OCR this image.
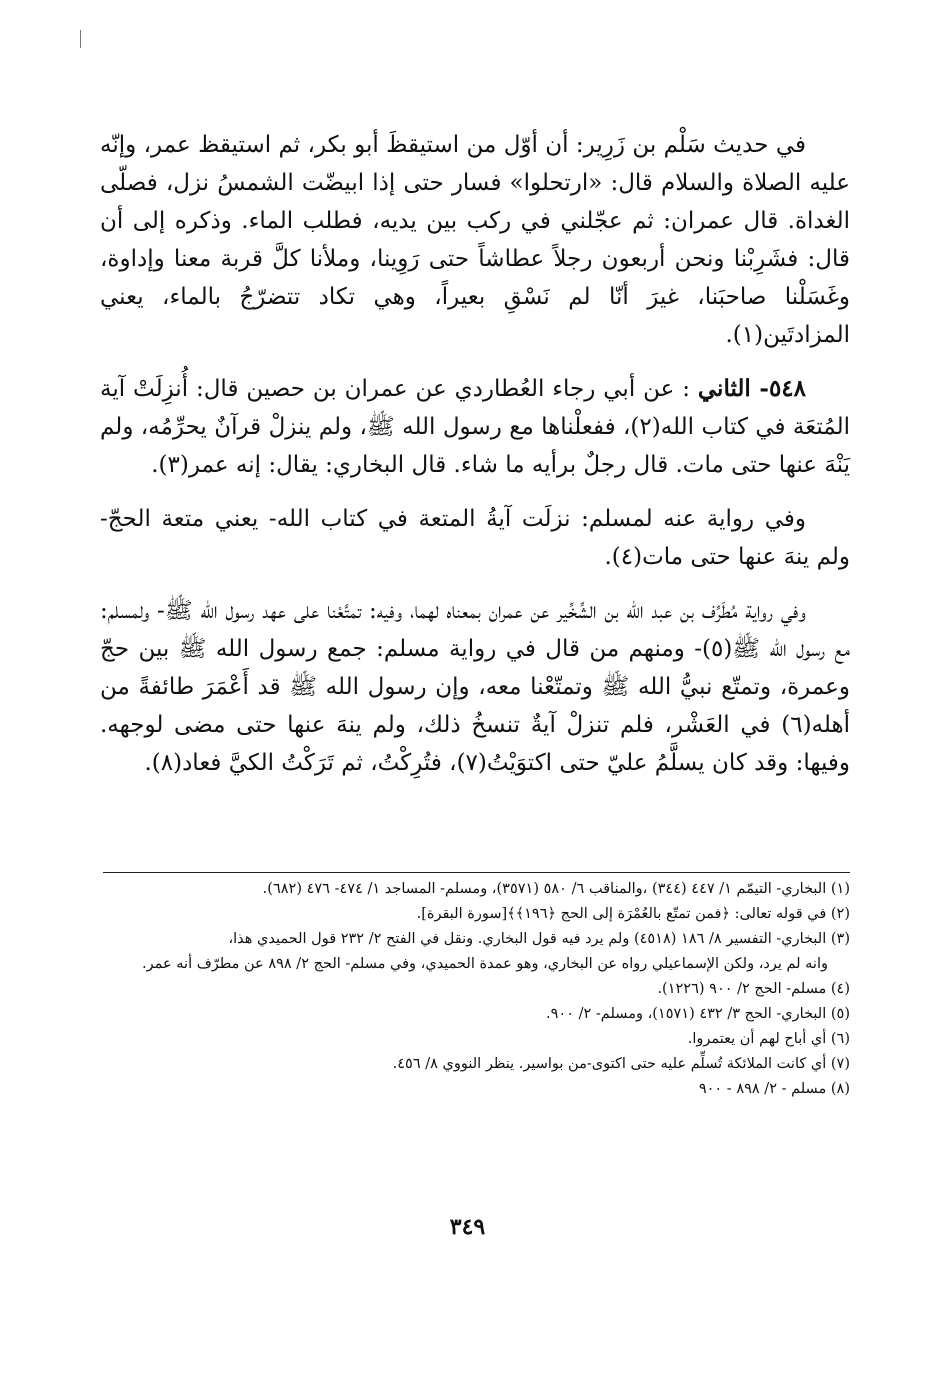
في حديث سَلْم بن زَرِير: أن أوّل من استيقظَ أبو بكر، ثم استيقظ عمر، وإنّه عليه الصلاة والسلام قال: «ارتحلوا» فسار حتى إذا ابيضّت الشمسُ نزل، فصلّى الغداة. قال عمران: ثم عجّلني في ركب بين يديه، فطلب الماء. وذكره إلى أن قال: فشَرِبْنا ونحن أربعون رجلاً عطاشاً حتى رَوِينا، وملأنا كلَّ قربة معنا وإداوة، وغَسَلْنا صاحبَنا، غيرَ أنّا لم نَسْقِ بعيراً، وهي تكاد تتضرّجُ بالماء، يعني المزادتَين(١).

٥٤٨- الثاني : عن أبي رجاء العُطاردي عن عمران بن حصين قال: أُنزِلَتْ آية المُتعَة في كتاب الله(٢)، ففعلْناها مع رسول الله ﷺ، ولم ينزلْ قرآنٌ يحرِّمُه، ولم يَنْهَ عنها حتى مات. قال رجلٌ برأيه ما شاء. قال البخاري: يقال: إنه عمر(٣).

وفي رواية عنه لمسلم: نزلَت آيةُ المتعة في كتاب الله- يعني متعة الحجّ- ولم ينهَ عنها حتى مات(٤).

وفي رواية مُطَرِّف بن عبد الله بن الشِّخِّير عن عمران بمعناه لهما، وفيه: تمتَّعْنا على عهد رسول الله ﷺ- ولمسلم: مع رسول الله ﷺ(٥)- ومنهم من قال في رواية مسلم: جمع رسول الله ﷺ بين حجّ وعمرة، وتمتّع نبيُّ الله ﷺ وتمتّعْنا معه، وإن رسول الله ﷺ قد أَعْمَرَ طائفةً من أهله(٦) في العَشْر، فلم تنزلْ آيةٌ تنسخُ ذلك، ولم ينهَ عنها حتى مضى لوجهه. وفيها: وقد كان يسلَّمُ عليّ حتى اكتوَيْتُ(٧)، فتُرِكْتُ، ثم تَرَكْتُ الكيَّ فعاد(٨).

(١) البخاري- التيمّم ١/ ٤٤٧ (٣٤٤) ،والمناقب ٦/ ٥٨٠ (٣٥٧١)، ومسلم- المساجد ١/ ٤٧٤- ٤٧٦ (٦٨٢).

(٢) في قوله تعالى: ﴿فمن تمتّع بالعُمْرَة إلى الحج ﴿١٩٦﴾﴾[سورة البقرة].

(٣) البخاري- التفسير ٨/ ١٨٦ (٤٥١٨) ولم يرد فيه قول البخاري. ونقل في الفتح ٢/ ٢٣٢ قول الحميدي هذا،

وانه لم يرد، ولكن الإسماعيلي رواه عن البخاري، وهو عمدة الحميدي، وفي مسلم- الحج ٢/ ٨٩٨ عن مطرّف أنه عمر.

(٤) مسلم- الحج ٢/ ٩٠٠ (١٢٢٦).

(٥) البخاري- الحج ٣/ ٤٣٢ (١٥٧١)، ومسلم- ٢/ ٩٠٠.

(٦) أي أباح لهم أن يعتمروا.

(٧) أي كانت الملائكة تُسلِّم عليه حتى اكتوى-من بواسير. ينظر النووي ٨/ ٤٥٦.

(٨) مسلم - ٢/ ٨٩٨ - ٩٠٠

٣٤٩
